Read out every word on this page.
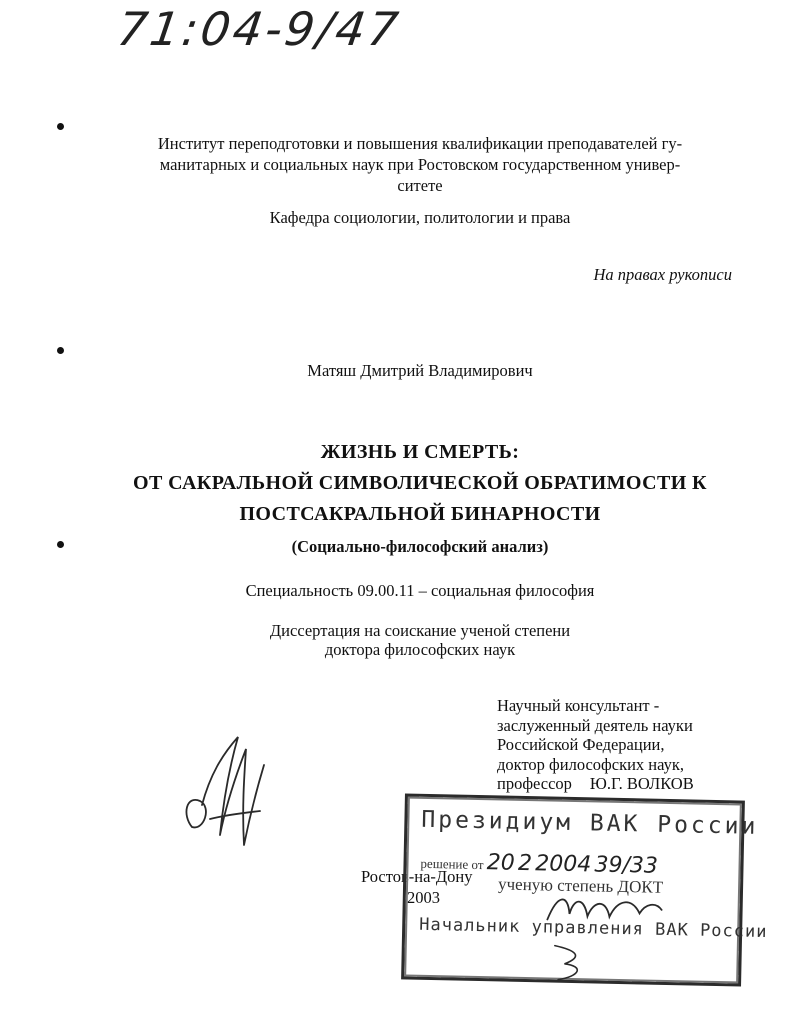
71:04-9/47
Институт переподготовки и повышения квалификации преподавателей гу-
манитарных и социальных наук при Ростовском государственном универ-
ситете
Кафедра социологии, политологии и права
На правах рукописи
Матяш Дмитрий Владимирович
ЖИЗНЬ И СМЕРТЬ:
ОТ САКРАЛЬНОЙ СИМВОЛИЧЕСКОЙ ОБРАТИМОСТИ К
ПОСТСАКРАЛЬНОЙ БИНАРНОСТИ
(Социально-философский анализ)
Специальность 09.00.11 – социальная философия
Диссертация на соискание ученой степени
доктора философских наук
Научный консультант -
заслуженный деятель науки
Российской Федерации,
доктор философских наук,
профессор Ю.Г. ВОЛКОВ
Ростов-на-Дону
2003
Президиум ВАК России
решение от 20 2 2004 39/33
ученую степень ДОКТ
Начальник управления ВАК России
